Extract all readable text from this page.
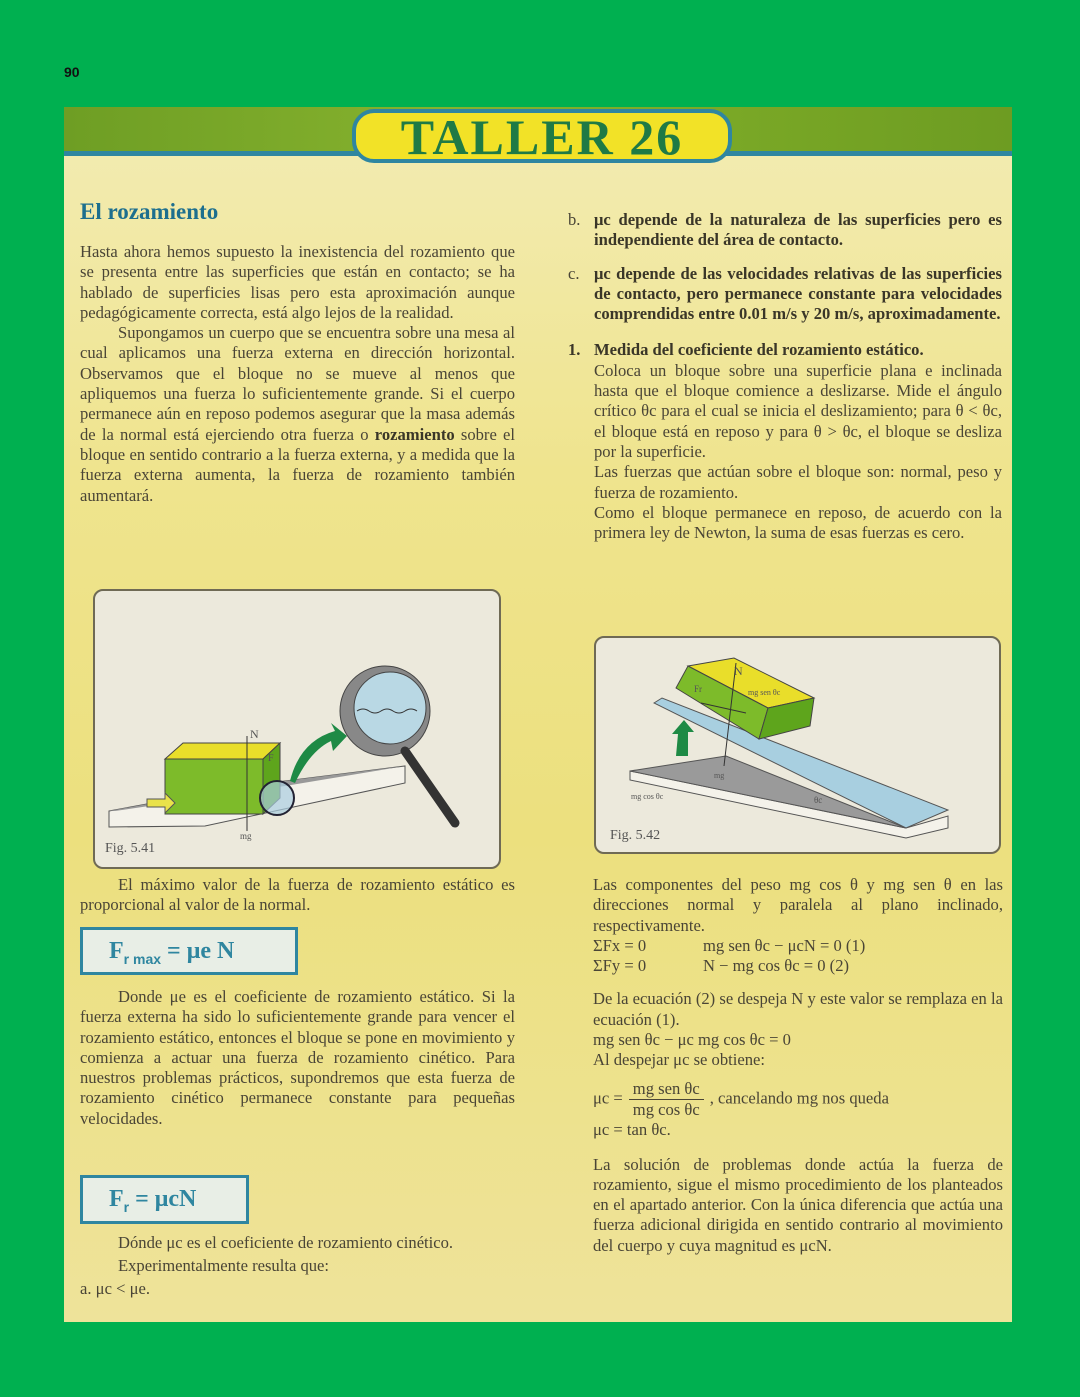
90
TALLER 26
El rozamiento

Hasta ahora hemos supuesto la inexistencia del rozamiento que se presenta entre las superficies que están en contacto; se ha hablado de superficies lisas pero esta aproximación aunque pedagógicamente correcta, está algo lejos de la realidad.

Supongamos un cuerpo que se encuentra sobre una mesa al cual aplicamos una fuerza externa en dirección horizontal. Observamos que el bloque no se mueve al menos que apliquemos una fuerza lo suficientemente grande. Si el cuerpo permanece aún en reposo podemos asegurar que la masa además de la normal está ejerciendo otra fuerza o rozamiento sobre el bloque en sentido contrario a la fuerza externa, y a medida que la fuerza externa aumenta, la fuerza de rozamiento también aumentará.

N
F
mg
Fig. 5.41

El máximo valor de la fuerza de rozamiento estático es proporcional al valor de la normal.

$F_{r max} = \mu e$ N

Donde μe es el coeficiente de rozamiento estático. Si la fuerza externa ha sido lo suficientemente grande para vencer el rozamiento estático, entonces el bloque se pone en movimiento y comienza a actuar una fuerza de rozamiento cinético. Para nuestros problemas prácticos, supondremos que esta fuerza de rozamiento cinético permanece constante para pequeñas velocidades.

$F_r = \mu cN$

Dónde μc es el coeficiente de rozamiento cinético.

Experimentalmente resulta que:

a. μc < μe.

b. μc depende de la naturaleza de las superficies pero es independiente del área de contacto.
c. μc depende de las velocidades relativas de las superficies de contacto, pero permanece constante para velocidades comprendidas entre 0.01 m/s y 20 m/s, aproximadamente.
1. Medida del coeficiente del rozamiento estático.

Coloca un bloque sobre una superficie plana e inclinada hasta que el bloque comience a deslizarse. Mide el ángulo crítico θc para el cual se inicia el deslizamiento; para θ < θc, el bloque está en reposo y para θ > θc, el bloque se desliza por la superficie.

Las fuerzas que actúan sobre el bloque son: normal, peso y fuerza de rozamiento.

Como el bloque permanece en reposo, de acuerdo con la primera ley de Newton, la suma de esas fuerzas es cero.

N
Fr	mg sen θc
mg
mg cos θc	θc
Fig. 5.42

Las componentes del peso mg cos θ y mg sen θ en las direcciones normal y paralela al plano inclinado, respectivamente.

ΣFx = 0	mg sen θc − μcN = 0 (1)

ΣFy = 0	N − mg cos θc = 0 (2)

De la ecuación (2) se despeja N y este valor se remplaza en la ecuación (1).

mg sen θc − μc mg cos θc = 0

Al despejar μc se obtiene:

$\mu c = \frac{\text{mg sen θc}}{\text{mg cos θc}}$ , cancelando mg nos queda

μc = tan θc.

La solución de problemas donde actúa la fuerza de rozamiento, sigue el mismo procedimiento de los planteados en el apartado anterior. Con la única diferencia que actúa una fuerza adicional dirigida en sentido contrario al movimiento del cuerpo y cuya magnitud es μcN.
